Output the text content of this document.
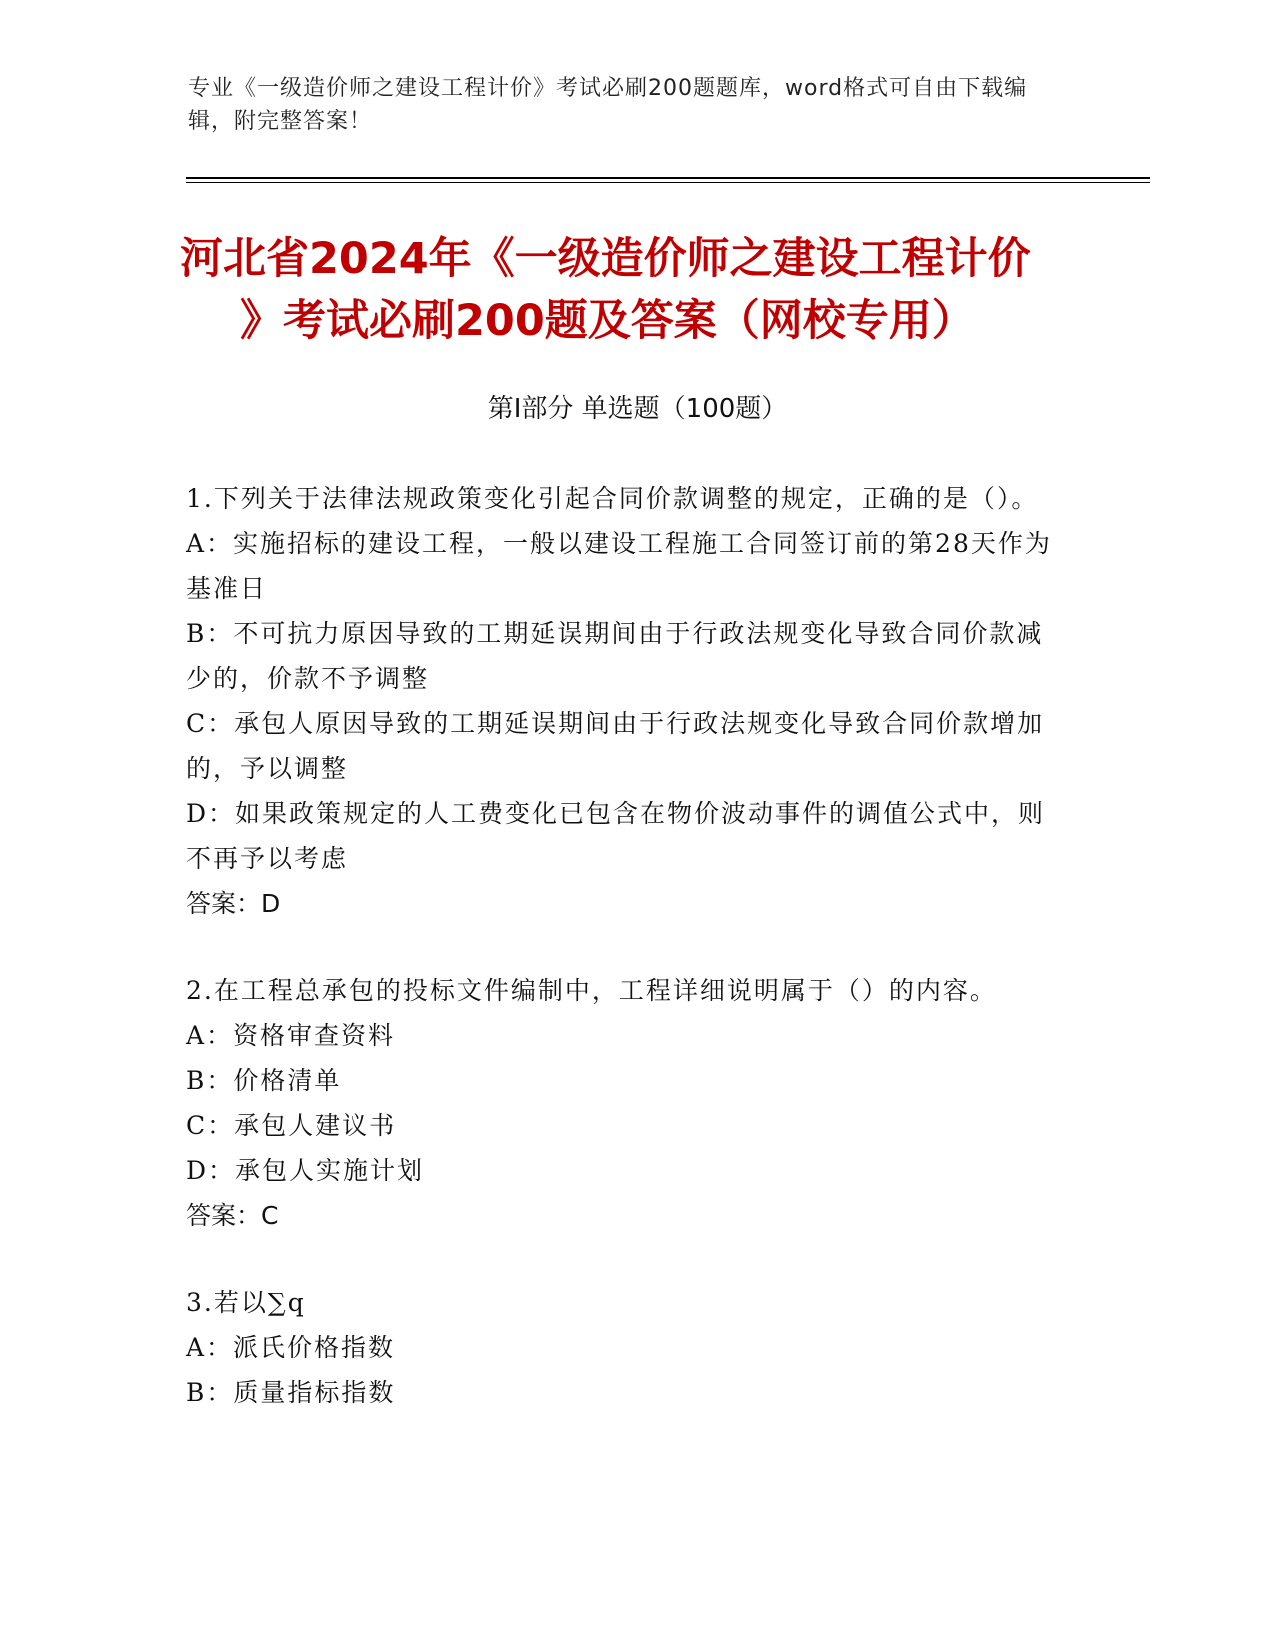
专业《一级造价师之建设工程计价》考试必刷200题题库，word格式可自由下载编辑，附完整答案！
河北省2024年《一级造价师之建设工程计价
》考试必刷200题及答案（网校专用）
第Ⅰ部分 单选题（100题）
1.下列关于法律法规政策变化引起合同价款调整的规定，正确的是（）。
A：实施招标的建设工程，一般以建设工程施工合同签订前的第28天作为基准日
B：不可抗力原因导致的工期延误期间由于行政法规变化导致合同价款减少的，价款不予调整
C：承包人原因导致的工期延误期间由于行政法规变化导致合同价款增加的，予以调整
D：如果政策规定的人工费变化已包含在物价波动事件的调值公式中，则不再予以考虑
答案：D
2.在工程总承包的投标文件编制中，工程详细说明属于（）的内容。
A：资格审查资料
B：价格清单
C：承包人建议书
D：承包人实施计划
答案：C
3.若以∑q
A：派氏价格指数
B：质量指标指数
